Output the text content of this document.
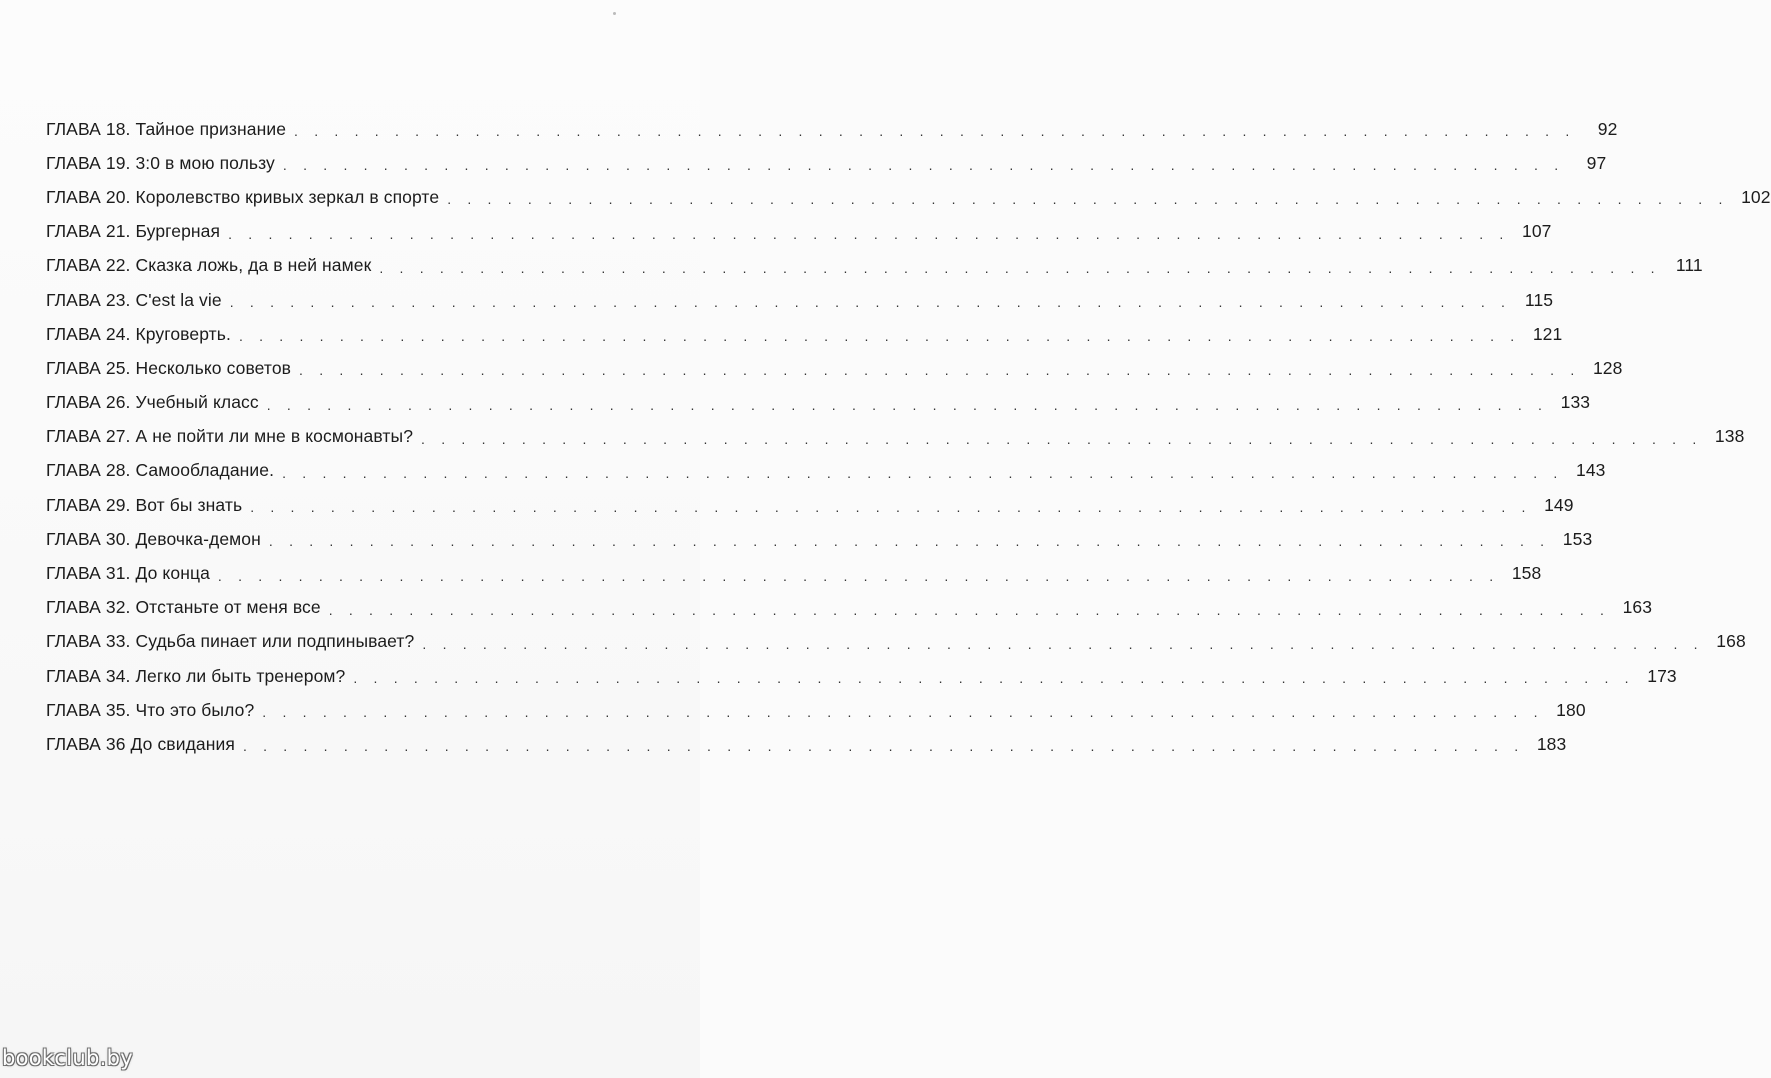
ГЛАВА 18. Тайное признание . . . . . . . . . . . . . . . . . . . . . . . . . . . . . . . . . . . . . . . . . . . . . . . . . . . . . . . . . . . . . . . .	92
ГЛАВА 19. 3:0 в мою пользу . . . . . . . . . . . . . . . . . . . . . . . . . . . . . . . . . . . . . . . . . . . . . . . . . . . . . . . . . . . . . . . .	97
ГЛАВА 20. Королевство кривых зеркал в спорте . . . . . . . . . . . . . . . . . . . . . . . . . . . . . . . . . . . . . . . . . . . . . . . . . . . . . . . . . . . . . . . . 102
ГЛАВА 21. Бургерная . . . . . . . . . . . . . . . . . . . . . . . . . . . . . . . . . . . . . . . . . . . . . . . . . . . . . . . . . . . . . . . . 107
ГЛАВА 22. Сказка ложь, да в ней намек . . . . . . . . . . . . . . . . . . . . . . . . . . . . . . . . . . . . . . . . . . . . . . . . . . . . . . . . . . . . . . . . 111
ГЛАВА 23. C'est la vie . . . . . . . . . . . . . . . . . . . . . . . . . . . . . . . . . . . . . . . . . . . . . . . . . . . . . . . . . . . . . . . . 115
ГЛАВА 24. Круговерть. . . . . . . . . . . . . . . . . . . . . . . . . . . . . . . . . . . . . . . . . . . . . . . . . . . . . . . . . . . . . . . . . 121
ГЛАВА 25. Несколько советов . . . . . . . . . . . . . . . . . . . . . . . . . . . . . . . . . . . . . . . . . . . . . . . . . . . . . . . . . . . . . . . . 128
ГЛАВА 26. Учебный класс . . . . . . . . . . . . . . . . . . . . . . . . . . . . . . . . . . . . . . . . . . . . . . . . . . . . . . . . . . . . . . . . 133
ГЛАВА 27. А не пойти ли мне в космонавты? . . . . . . . . . . . . . . . . . . . . . . . . . . . . . . . . . . . . . . . . . . . . . . . . . . . . . . . . . . . . . . . . 138
ГЛАВА 28. Самообладание. . . . . . . . . . . . . . . . . . . . . . . . . . . . . . . . . . . . . . . . . . . . . . . . . . . . . . . . . . . . . . . . . 143
ГЛАВА 29. Вот бы знать . . . . . . . . . . . . . . . . . . . . . . . . . . . . . . . . . . . . . . . . . . . . . . . . . . . . . . . . . . . . . . . . 149
ГЛАВА 30. Девочка-демон . . . . . . . . . . . . . . . . . . . . . . . . . . . . . . . . . . . . . . . . . . . . . . . . . . . . . . . . . . . . . . . . 153
ГЛАВА 31. До конца . . . . . . . . . . . . . . . . . . . . . . . . . . . . . . . . . . . . . . . . . . . . . . . . . . . . . . . . . . . . . . . . 158
ГЛАВА 32. Отстаньте от меня все . . . . . . . . . . . . . . . . . . . . . . . . . . . . . . . . . . . . . . . . . . . . . . . . . . . . . . . . . . . . . . . . 163
ГЛАВА 33. Судьба пинает или подпинывает? . . . . . . . . . . . . . . . . . . . . . . . . . . . . . . . . . . . . . . . . . . . . . . . . . . . . . . . . . . . . . . . . 168
ГЛАВА 34. Легко ли быть тренером? . . . . . . . . . . . . . . . . . . . . . . . . . . . . . . . . . . . . . . . . . . . . . . . . . . . . . . . . . . . . . . . . 173
ГЛАВА 35. Что это было? . . . . . . . . . . . . . . . . . . . . . . . . . . . . . . . . . . . . . . . . . . . . . . . . . . . . . . . . . . . . . . . . 180
ГЛАВА 36 До свидания . . . . . . . . . . . . . . . . . . . . . . . . . . . . . . . . . . . . . . . . . . . . . . . . . . . . . . . . . . . . . . . . 183
bookclub.by
